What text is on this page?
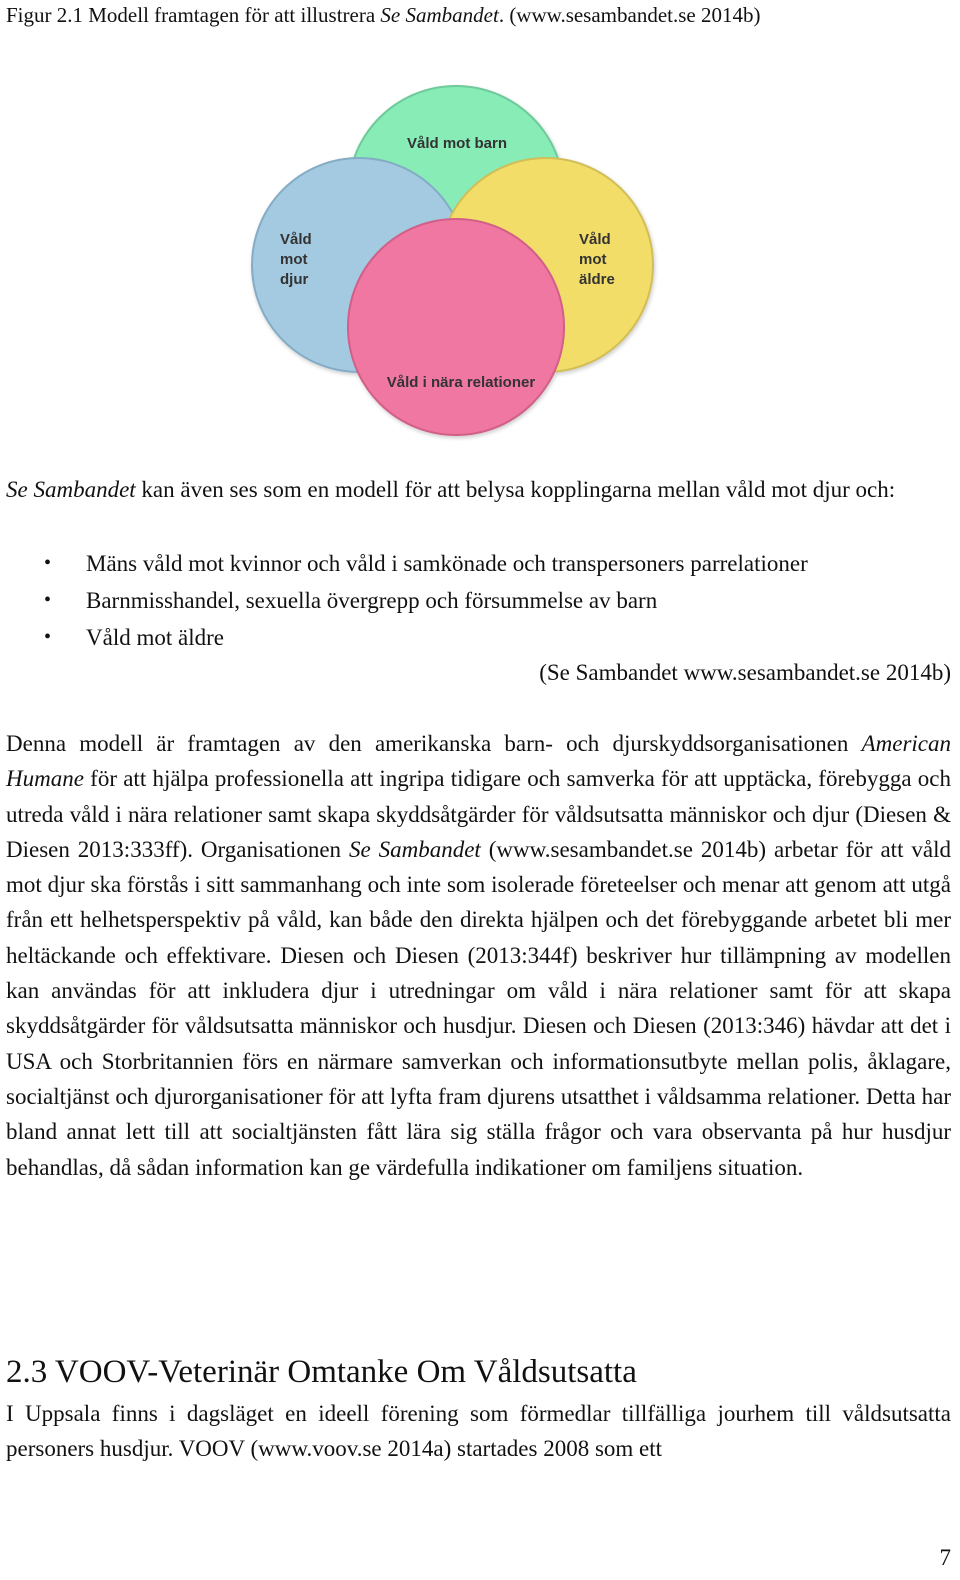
Figur 2.1 Modell framtagen för att illustrera Se Sambandet. (www.sesambandet.se 2014b)
Våld mot barn
Våld mot djur
Våld mot äldre
Våld i nära relationer
Se Sambandet kan även ses som en modell för att belysa kopplingarna mellan våld mot djur och:
• Mäns våld mot kvinnor och våld i samkönade och transpersoners parrelationer
• Barnmisshandel, sexuella övergrepp och försummelse av barn
• Våld mot äldre
(Se Sambandet www.sesambandet.se 2014b)
Denna modell är framtagen av den amerikanska barn- och djurskyddsorganisationen American Humane för att hjälpa professionella att ingripa tidigare och samverka för att upptäcka, förebygga och utreda våld i nära relationer samt skapa skyddsåtgärder för våldsutsatta människor och djur (Diesen & Diesen 2013:333ff). Organisationen Se Sambandet (www.sesambandet.se 2014b) arbetar för att våld mot djur ska förstås i sitt sammanhang och inte som isolerade företeelser och menar att genom att utgå från ett helhetsperspektiv på våld, kan både den direkta hjälpen och det förebyggande arbetet bli mer heltäckande och effektivare. Diesen och Diesen (2013:344f) beskriver hur tillämpning av modellen kan användas för att inkludera djur i utredningar om våld i nära relationer samt för att skapa skyddsåtgärder för våldsutsatta människor och husdjur. Diesen och Diesen (2013:346) hävdar att det i USA och Storbritannien förs en närmare samverkan och informationsutbyte mellan polis, åklagare, socialtjänst och djurorganisationer för att lyfta fram djurens utsatthet i våldsamma relationer. Detta har bland annat lett till att socialtjänsten fått lära sig ställa frågor och vara observanta på hur husdjur behandlas, då sådan information kan ge värdefulla indikationer om familjens situation.
2.3 VOOV-Veterinär Omtanke Om Våldsutsatta
I Uppsala finns i dagsläget en ideell förening som förmedlar tillfälliga jourhem till våldsutsatta personers husdjur. VOOV (www.voov.se 2014a) startades 2008 som ett
7
